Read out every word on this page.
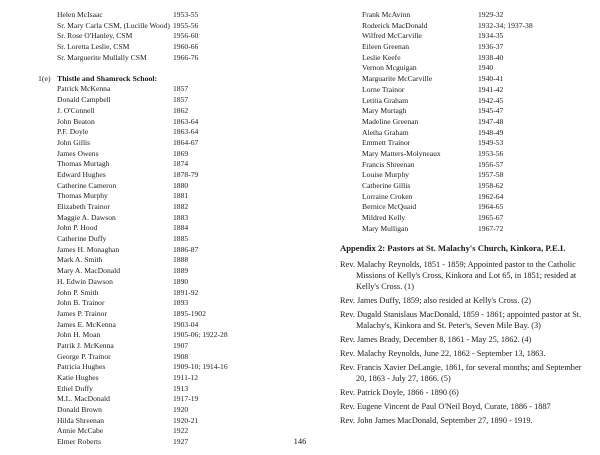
Helen McIsaac	1953-55
Sr. Mary Carla CSM, (Lucille Wood) 1955-56
Sr. Rose O'Hanley, CSM	1956-60
Sr. Loretta Leslie, CSM	1960-66
Sr. Marguerite Mullally CSM	1966-76
1(e) Thistle and Shamrock School:
Patrick McKenna	1857
Donald Campbell	1857
J. O'Connell	1862
John Beaton	1863-64
P.F. Doyle	1863-64
John Gillis	1864-67
James Owens	1869
Thomas Murtagh	1874
Edward Hughes	1878-79
Catherine Cameron	1880
Thomas Murphy	1881
Elizabeth Trainor	1882
Maggie A. Dawson	1883
John P. Hood	1884
Catherine Duffy	1885
James H. Monaghan	1886-87
Mark A. Smith	1888
Mary A. MacDonald	1889
H. Edwin Dawson	1890
John P. Smith	1891-92
John B. Trainor	1893
James P. Trainor	1895-1902
James E. McKenna	1903-04
John H. Moan	1905-06; 1922-28
Patrik J. McKenna	1907
George P. Trainor	1908
Patricia Hughes	1909-10; 1914-16
Katie Hughes	1911-12
Ethel Duffy	1913
M.L. MacDonald	1917-19
Donald Brown	1920
Hilda Shreenan	1920-21
Annie McCabe	1922
Elmer Roberts	1927
Frank McAvinn	1929-32
Roderick MacDonald	1932-34; 1937-38
Wilfred McCarville	1934-35
Eileen Greenan	1936-37
Leslie Keefe	1938-40
Vernon Mcguigan	1940
Marguarite McCarville	1940-41
Lorne Trainor	1941-42
Letitia Graham	1942-45
Mary Murtagh	1945-47
Madeline Greenan	1947-48
Aletha Graham	1948-49
Emmett Trainor	1949-53
Mary Matters-Molyneaux	1953-56
Francis Shreenan	1956-57
Louise Murphy	1957-58
Catherine Gillis	1958-62
Lorraine Croken	1962-64
Bernice McQuaid	1964-65
Mildred Kelly	1965-67
Mary Mulligan	1967-72
Appendix 2: Pastors at St. Malachy's Church, Kinkora, P.E.I.
Rev. Malachy Reynolds, 1851 - 1859; Appointed pastor to the Catholic Missions of Kelly's Cross, Kinkora and Lot 65, in 1851; resided at Kelly's Cross. (1)
Rev. James Duffy, 1859; also resided at Kelly's Cross. (2)
Rev. Dugald Stanislaus MacDonald, 1859 - 1861; appointed pastor at St. Malachy's, Kinkora and St. Peter's, Seven Mile Bay. (3)
Rev. James Brady, December 8, 1861 - May 25, 1862. (4)
Rev. Malachy Reynolds, June 22, 1862 - September 13, 1863.
Rev. Francis Xavier DeLangie, 1861, for several months; and September 20, 1863 - July 27, 1866. (5)
Rev. Patrick Doyle, 1866 - 1890 (6)
Rev. Eugene Vincent de Paul O'Neil Boyd, Curate, 1886 - 1887
Rev. John James MacDonald, September 27, 1890 - 1919.
146
